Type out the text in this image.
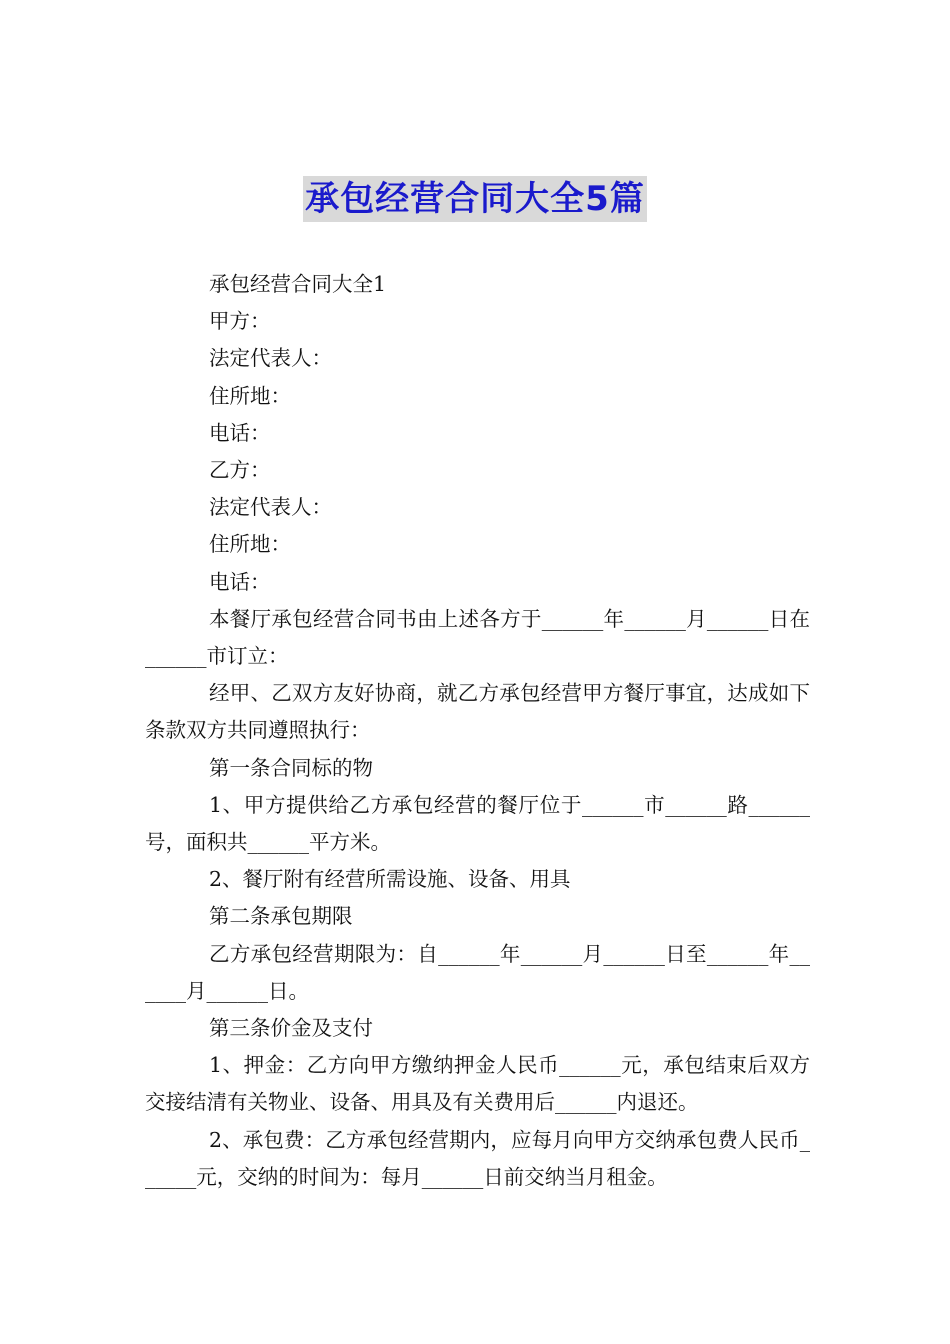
承包经营合同大全5篇

承包经营合同大全1

甲方：

法定代表人：

住所地：

电话：

乙方：

法定代表人：

住所地：

电话：

本餐厅承包经营合同书由上述各方于______年______月______日在______市订立：

经甲、乙双方友好协商，就乙方承包经营甲方餐厅事宜，达成如下条款双方共同遵照执行：

第一条合同标的物

1、甲方提供给乙方承包经营的餐厅位于______市______路______号，面积共______平方米。

2、餐厅附有经营所需设施、设备、用具

第二条承包期限

乙方承包经营期限为：自______年______月______日至______年______月______日。

第三条价金及支付

1、押金：乙方向甲方缴纳押金人民币______元，承包结束后双方交接结清有关物业、设备、用具及有关费用后______内退还。

2、承包费：乙方承包经营期内，应每月向甲方交纳承包费人民币______元，交纳的时间为：每月______日前交纳当月租金。
